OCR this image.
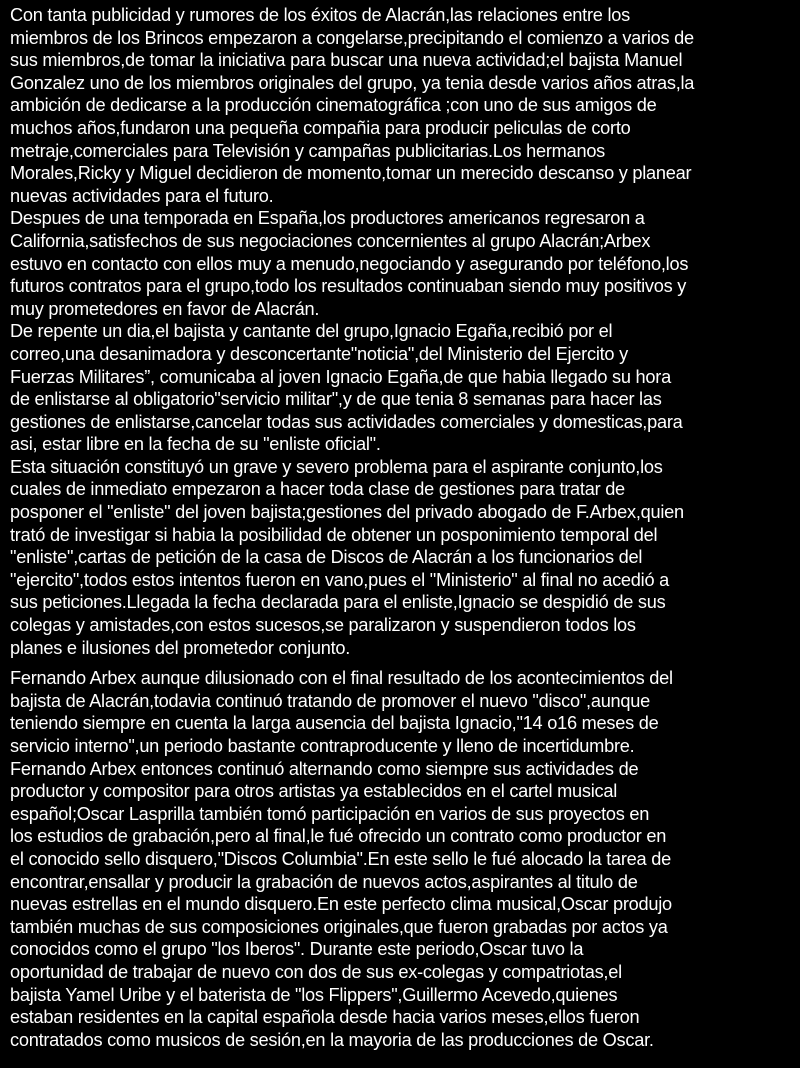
Con tanta publicidad y rumores de los éxitos de Alacrán,las relaciones entre los
miembros de los Brincos empezaron a congelarse,precipitando el comienzo a varios de
sus miembros,de tomar la iniciativa para buscar una nueva actividad;el bajista Manuel
Gonzalez uno de los miembros originales del grupo, ya tenia desde varios años atras,la
ambición de dedicarse a la producción cinematográfica ;con uno de sus amigos de
muchos años,fundaron una pequeña compañia para producir peliculas de corto
metraje,comerciales para Televisión y campañas publicitarias.Los hermanos
Morales,Ricky y Miguel decidieron de momento,tomar un merecido descanso y planear
nuevas actividades para el futuro.
Despues de una temporada en España,los productores americanos regresaron a
California,satisfechos de sus negociaciones concernientes al grupo Alacrán;Arbex
estuvo en contacto con ellos muy a menudo,negociando y asegurando por teléfono,los
futuros contratos para el grupo,todo los resultados continuaban siendo muy positivos y
muy prometedores en favor de Alacrán.
De repente un dia,el bajista y cantante del grupo,Ignacio Egaña,recibió por el
correo,una desanimadora y desconcertante"noticia",del Ministerio del Ejercito y
Fuerzas Militares”, comunicaba al joven Ignacio Egaña,de que habia llegado su hora
de enlistarse al obligatorio"servicio militar",y de que tenia 8 semanas para hacer las
gestiones de enlistarse,cancelar todas sus actividades comerciales y domesticas,para
asi, estar libre en la fecha de su "enliste oficial".
Esta situación constituyó un grave y severo problema para el aspirante conjunto,los
cuales de inmediato empezaron a hacer toda clase de gestiones para tratar de
posponer el "enliste" del joven bajista;gestiones del privado abogado de F.Arbex,quien
trató de investigar si habia la posibilidad de obtener un posponimiento temporal del
"enliste",cartas de petición de la casa de Discos de Alacrán a los funcionarios del
"ejercito",todos estos intentos fueron en vano,pues el "Ministerio" al final no acedió a
sus peticiones.Llegada la fecha declarada para el enliste,Ignacio se despidió de sus
colegas y amistades,con estos sucesos,se paralizaron y suspendieron todos los
planes e ilusiones del prometedor conjunto.
Fernando Arbex aunque dilusionado con el final resultado de los acontecimientos del
bajista de Alacrán,todavia continuó tratando de promover el nuevo "disco",aunque
teniendo siempre en cuenta la larga ausencia del bajista Ignacio,"14 o16 meses de
servicio interno",un periodo bastante contraproducente y lleno de incertidumbre.
Fernando Arbex entonces continuó alternando como siempre sus actividades de
productor y compositor para otros artistas ya establecidos en el cartel musical
español;Oscar Lasprilla también tomó participación en varios de sus proyectos en
los estudios de grabación,pero al final,le fué ofrecido un contrato como productor en
el conocido sello disquero,"Discos Columbia".En este sello le fué alocado la tarea de
encontrar,ensallar y producir la grabación de nuevos actos,aspirantes al titulo de
nuevas estrellas en el mundo disquero.En este perfecto clima musical,Oscar produjo
también muchas de sus composiciones originales,que fueron grabadas por actos ya
conocidos como el grupo "los Iberos". Durante este periodo,Oscar tuvo la
oportunidad de trabajar de nuevo con dos de sus ex-colegas y compatriotas,el
bajista Yamel Uribe y el baterista de "los Flippers",Guillermo Acevedo,quienes
estaban residentes en la capital española desde hacia varios meses,ellos fueron
contratados como musicos de sesión,en la mayoria de las producciones de Oscar.
